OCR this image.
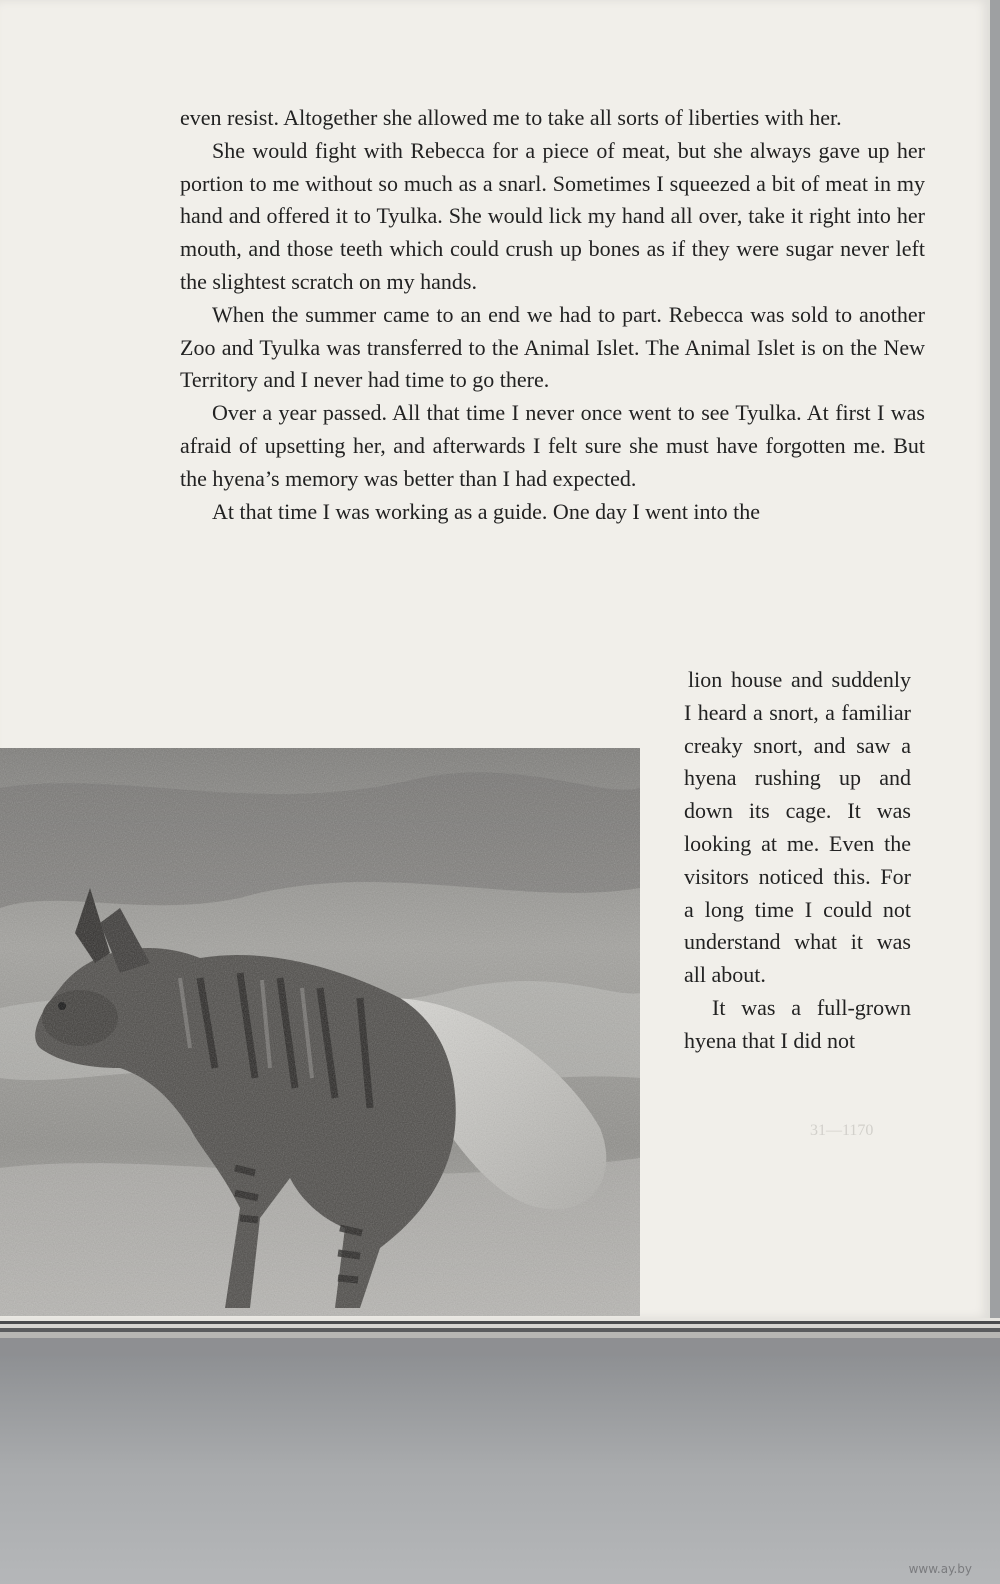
31—1170

even resist. Altogether she allowed me to take all sorts of liberties with her.

She would fight with Rebecca for a piece of meat, but she always gave up her portion to me without so much as a snarl. Sometimes I squeezed a bit of meat in my hand and offered it to Tyulka. She would lick my hand all over, take it right into her mouth, and those teeth which could crush up bones as if they were sugar never left the slightest scratch on my hands.

When the summer came to an end we had to part. Rebecca was sold to another Zoo and Tyulka was transferred to the Animal Islet. The Animal Islet is on the New Territory and I never had time to go there.

Over a year passed. All that time I never once went to see Tyulka. At first I was afraid of upsetting her, and afterwards I felt sure she must have forgotten me. But the hyena’s memory was better than I had expected.

At that time I was working as a guide. One day I went into the

lion house and suddenly I heard a snort, a familiar creaky snort, and saw a hyena rushing up and down its cage. It was looking at me. Even the visitors noticed this. For a long time I could not understand what it was all about.

It was a full-grown hyena that I did not

www.ay.by
